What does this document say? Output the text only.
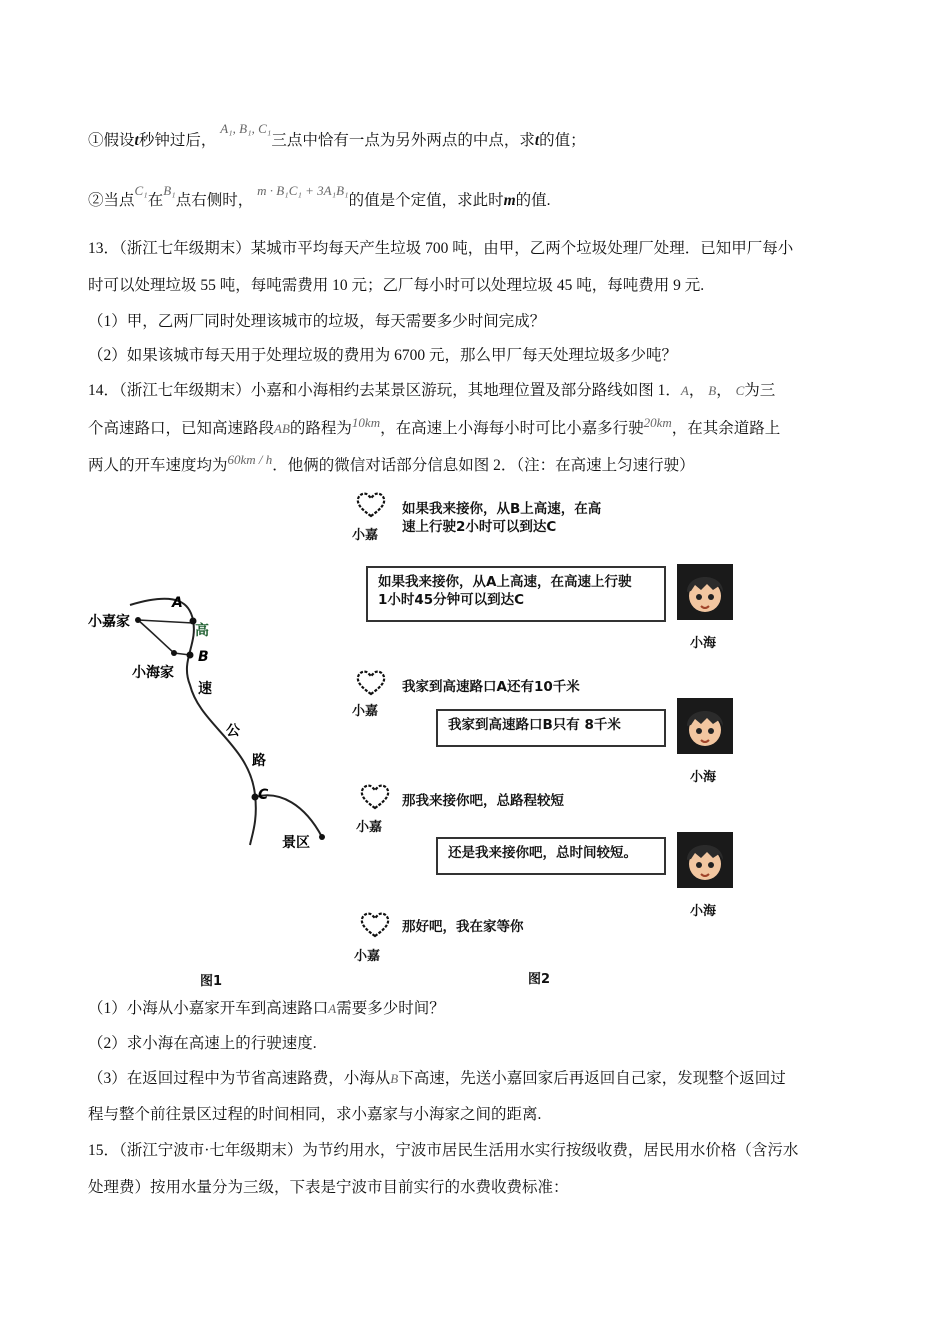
①假设t秒钟过后， $^{A_1, B_1, C_1}$三点中恰有一点为另外两点的中点，求t的值；
②当点$^{C_1}$在$^{B_1}$点右侧时， $^{m \cdot B_1C_1 + 3A_1B_1}$的值是个定值，求此时m的值.
13．（浙江七年级期末）某城市平均每天产生垃圾 700 吨，由甲，乙两个垃圾处理厂处理．已知甲厂每小
时可以处理垃圾 55 吨，每吨需费用 10 元；乙厂每小时可以处理垃圾 45 吨，每吨费用 9 元.
（1）甲，乙两厂同时处理该城市的垃圾，每天需要多少时间完成？
（2）如果该城市每天用于处理垃圾的费用为 6700 元，那么甲厂每天处理垃圾多少吨？
14．（浙江七年级期末）小嘉和小海相约去某景区游玩，其地理位置及部分路线如图 1．A， B， C为三
个高速路口，已知高速路段AB的路程为$^{10km}$，在高速上小海每小时可比小嘉多行驶$^{20km}$，在其余道路上
两人的开车速度均为$^{60km / h}$．他俩的微信对话部分信息如图 2．（注：在高速上匀速行驶）
小嘉家
小海家
A
B
C
景区
高
速
公
路
图1
小嘉
如果我来接你，从B上高速，在高
速上行驶2小时可以到达C
如果我来接你，从A上高速，在高速上行驶
1小时45分钟可以到达C
小海
小嘉
我家到高速路口A还有10千米
我家到高速路口B只有 8千米
小海
小嘉
那我来接你吧，总路程较短
还是我来接你吧，总时间较短。
小海
小嘉
那好吧，我在家等你
图2
（1）小海从小嘉家开车到高速路口A需要多少时间？
（2）求小海在高速上的行驶速度.
（3）在返回过程中为节省高速路费，小海从B下高速，先送小嘉回家后再返回自己家，发现整个返回过
程与整个前往景区过程的时间相同，求小嘉家与小海家之间的距离.
15．（浙江宁波市·七年级期末）为节约用水，宁波市居民生活用水实行按级收费，居民用水价格（含污水
处理费）按用水量分为三级，下表是宁波市目前实行的水费收费标准：
